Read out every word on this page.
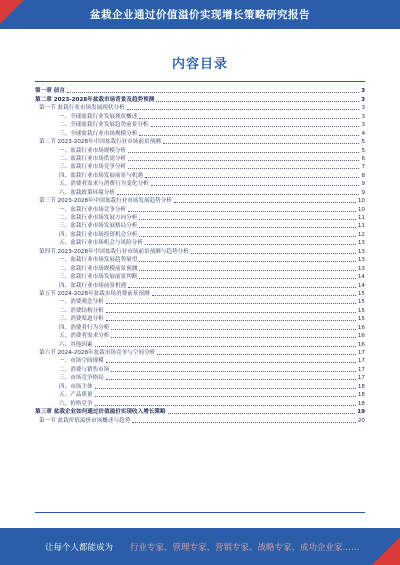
盆栽企业通过价值溢价实现增长策略研究报告
内容目录
第一章 前言	3
第二章 2023-2028年盆栽市场背景及趋势预测	3
第一节 盆栽行业市场发展现状分析	3
一、全球盆栽行业发展现状概述	3
二、全球盆栽行业发展趋势前景分析	3
三、全球盆栽行业市场规模分析	4
第二节 2023-2028年中国盆栽行业市场前景预测	5
一、盆栽行业市场规模分析	5
二、盆栽行业市场供需分析	6
三、盆栽行业市场竞争分析	7
四、盆栽行业市场发展前景与机遇	8
五、消费者需求与消费行为变化分析	9
六、盆栽政策环境分析	9
第三节 2023-2028年中国盆栽行业市场发展趋势分析	10
一、盆栽行业市场竞争分析	10
二、盆栽行业市场发展方向分析	11
三、盆栽行业市场发展格局分析	11
四、盆栽行业市场投资机会分析	12
五、盆栽行业市场机会与风险分析	13
第四节 2023-2028年中国盆栽行业市场前景预测与趋势分析	13
一、盆栽行业市场发展趋势展望	13
二、盆栽行业市场规模前景预测	13
三、盆栽行业市场发展前景判断	14
四、盆栽行业市场前景机遇	14
第五节 2024-2028年盆栽市场消费前景预测	15
一、消费观念分析	15
二、消费结构分析	15
三、消费渠道分析	15
四、消费者行为分析	16
五、消费者需求分析	16
六、其他因素	16
第六节 2024-2028年盆栽市场竞争与空间分析	17
一、市场空间规模	17
二、消费与销售市场	17
三、市场竞争格局	17
四、市场主体	18
五、产品质量	18
六、价格竞争	18
第三章 盆栽企业如何通过价值溢价实现收入增长策略	19
第一节 盆栽价值溢价市场概述与趋势	20
让每个人都能成为 行业专家、管理专家、营销专家、战略专家、成功企业家……
